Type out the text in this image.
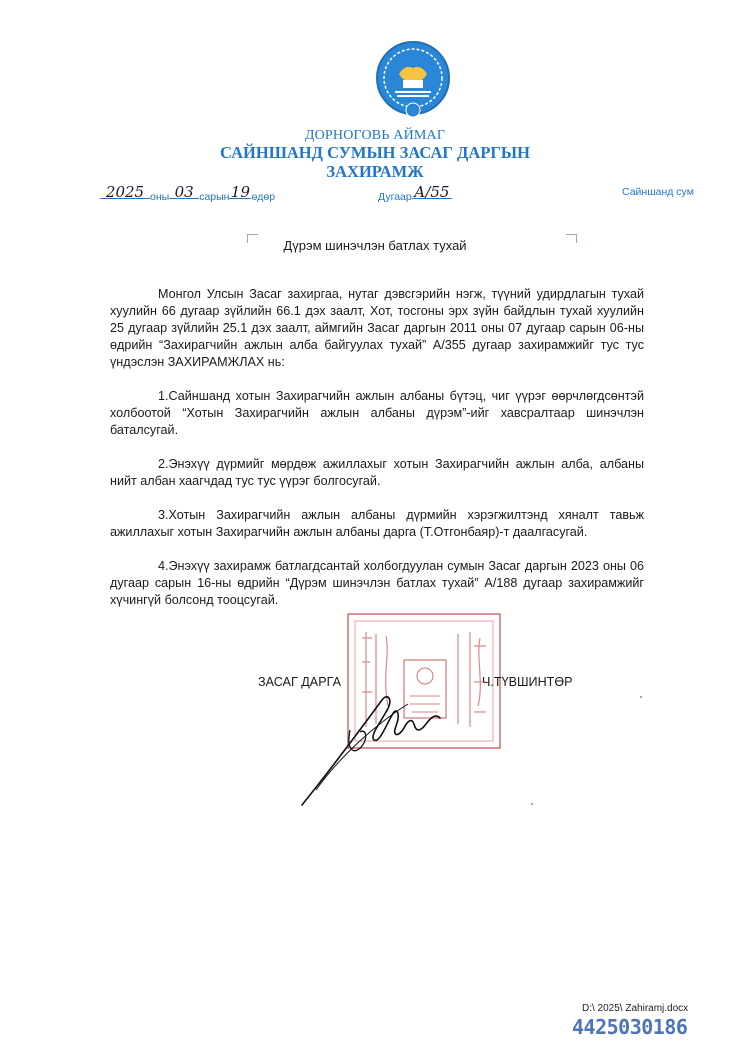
ДОРНОГОВЬ АЙМАГ
САЙНШАНД СУМЫН ЗАСАГ ДАРГЫН
ЗАХИРАМЖ
2025 оны 03 сарын19өдөр	Дугаар А/55	Сайншанд сум
Дүрэм шинэчлэн батлах тухай

Монгол Улсын Засаг захиргаа, нутаг дэвсгэрийн нэгж, түүний удирдлагын тухай хуулийн 66 дугаар зүйлийн 66.1 дэх заалт, Хот, тосгоны эрх зүйн байдлын тухай хуулийн 25 дугаар зүйлийн 25.1 дэх заалт, аймгийн Засаг даргын 2011 оны 07 дугаар сарын 06-ны өдрийн “Захирагчийн ажлын алба байгуулах тухай” А/355 дугаар захирамжийг тус тус үндэслэн ЗАХИРАМЖЛАХ нь:

1.Сайншанд хотын Захирагчийн ажлын албаны бүтэц, чиг үүрэг өөрчлөгдсөнтэй холбоотой “Хотын Захирагчийн ажлын албаны дүрэм”-ийг хавсралтаар шинэчлэн баталсугай.

2.Энэхүү дүрмийг мөрдөж ажиллахыг хотын Захирагчийн ажлын алба, албаны нийт албан хаагчдад тус тус үүрэг болгосугай.

3.Хотын Захирагчийн ажлын албаны дүрмийн хэрэгжилтэнд хяналт тавьж ажиллахыг хотын Захирагчийн ажлын албаны дарга (Т.Отгонбаяр)-т даалгасугай.

4.Энэхүү захирамж батлагдсантай холбогдуулан сумын Засаг даргын 2023 оны 06 дугаар сарын 16-ны өдрийн “Дүрэм шинэчлэн батлах тухай” А/188 дугаар захирамжийг хүчингүй болсонд тооцсугай.

ЗАСАГ ДАРГА	Ч.ТҮВШИНТӨР
D:\ 2025\ Zahiramj.docx
4425030186
